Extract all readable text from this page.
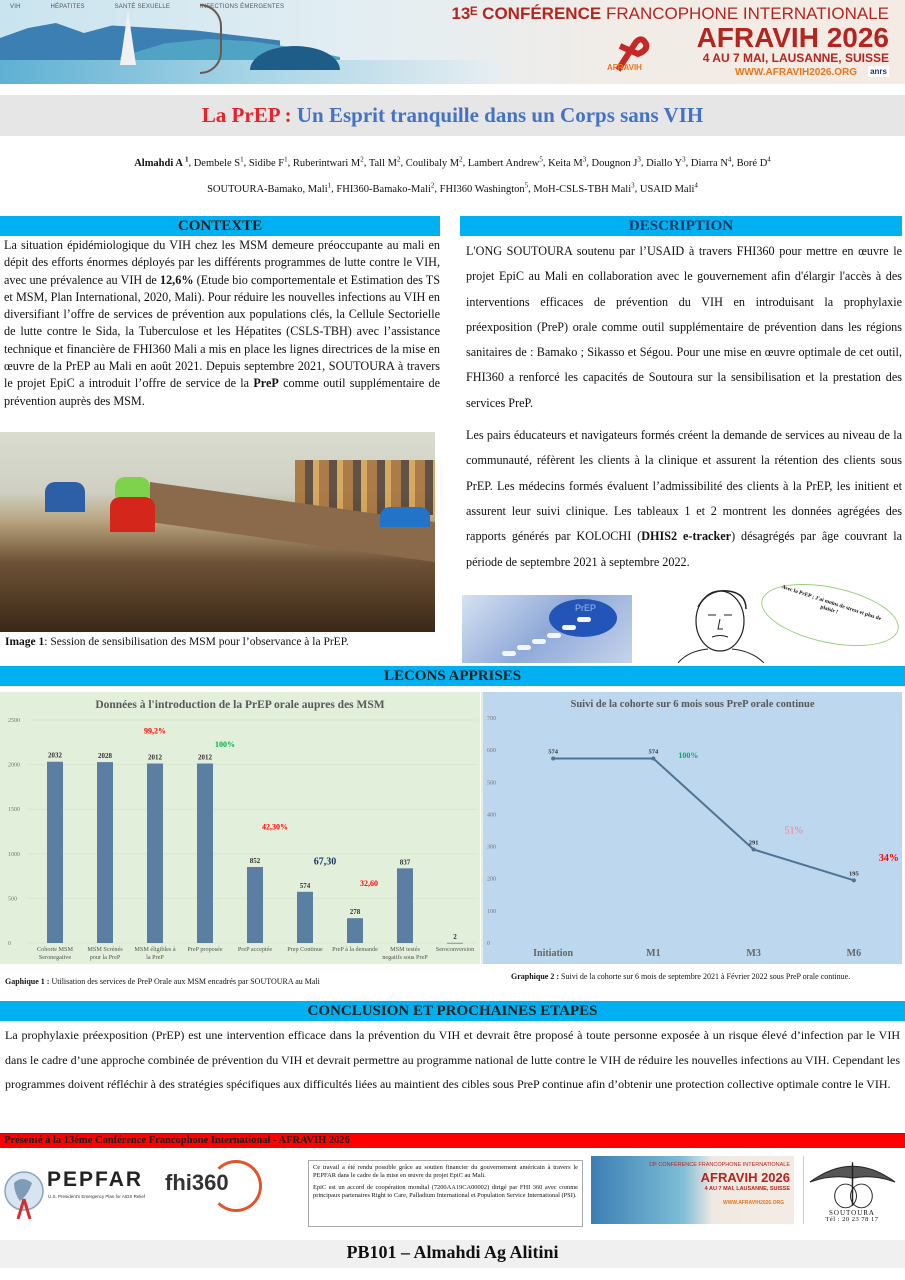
VIH	HÉPATITES	SANTÉ SEXUELLE	INFECTIONS ÉMERGENTES
AFRAVIH
13ᴱ CONFÉRENCE FRANCOPHONE INTERNATIONALE
AFRAVIH 2026
4 AU 7 MAI, LAUSANNE, SUISSE
WWW.AFRAVIH2026.ORG anrs
La PrEP : Un Esprit tranquille dans un Corps sans VIH
Almahdi A $^1$, Dembele $S^1$, Sidibe $F^1$, Ruberintwari $M^2$, Tall $M^2$, Coulibaly $M^2$, Lambert Andrew$^5$, Keita $M^3$, Dougnon $J^3$, Diallo $Y^3$, Diarra $N^4$, Boré $D^4$
SOUTOURA-Bamako, Mali$^1$, FHI360-Bamako-Mali$^2$, FHI360 Washington$^5$, MoH-CSLS-TBH Mali$^3$, USAID Mali$^4$
CONTEXTE
La situation épidémiologique du VIH chez les MSM demeure préoccupante au mali en dépit des efforts énormes déployés par les différents programmes de lutte contre le VIH, avec une prévalence au VIH de 12,6% (Etude bio comportementale et Estimation des TS et MSM, Plan International, 2020, Mali). Pour réduire les nouvelles infections au VIH en diversifiant l’offre de services de prévention aux populations clés, la Cellule Sectorielle de lutte contre le Sida, la Tuberculose et les Hépatites (CSLS-TBH) avec l’assistance technique et financière de FHI360 Mali a mis en place les lignes directrices de la mise en œuvre de la PrEP au Mali en août 2021. Depuis septembre 2021, SOUTOURA à travers le projet EpiC a introduit l’offre de service de la PreP comme outil supplémentaire de prévention auprès des MSM.
Image 1: Session de sensibilisation des MSM pour l’observance à la PrEP.
DESCRIPTION

L'ONG SOUTOURA soutenu par l’USAID à travers FHI360 pour mettre en œuvre le projet EpiC au Mali en collaboration avec le gouvernement afin d'élargir l'accès à des interventions efficaces de prévention du VIH en introduisant la prophylaxie préexposition (PreP) orale comme outil supplémentaire de prévention dans les régions sanitaires de : Bamako ; Sikasso et Ségou. Pour une mise en œuvre optimale de cet outil, FHI360 a renforcé les capacités de Soutoura sur la sensibilisation et la prestation des services PreP.

Les pairs éducateurs et navigateurs formés créent la demande de services au niveau de la communauté, réfèrent les clients à la clinique et assurent la rétention des clients sous PrEP. Les médecins formés évaluent l’admissibilité des clients à la PrEP, les initient et assurent leur suivi clinique. Les tableaux 1 et 2 montrent les données agrégées des rapports générés par KOLOCHI (DHIS2 e-tracker) désagrégés par âge couvrant la période de septembre 2021 à septembre 2022.

PrEP	Avec la PrEP ; J'ai moins de stress et plus de plaisir !
LECONS APPRISES
Données à l'introduction de la PrEP orale aupres des MSM
0
500
1000
1500
2000
2500
2032
Cohorte MSM
Seronegative
2028
MSM Scrénés
pour la PreP
2012
MSM éligibles à
la PreP
2012
PreP proposée
852
PreP acceptée
574
Prep Continue
278
PreP à la demande
837
MSM testés
negatifs sous PreP
2
Seroconversion
99,2%
100%
42,30%
67,30
32,60
Suivi de la cohorte sur 6 mois sous PreP orale continue
0
100
200
300
400
500
600
700
574
Initiation
574
M1
291
M3
195
M6
100%
51%
34%
Gaphique 1 : Utilisation des services de PreP Orale aux MSM encadrés par SOUTOURA au Mali
Graphique 2 : Suivi de la cohorte sur 6 mois de septembre 2021 à Février 2022 sous PreP orale continue.
CONCLUSION ET PROCHAINES ETAPES
La prophylaxie préexposition (PrEP) est une intervention efficace dans la prévention du VIH et devrait être proposé à toute personne exposée à un risque élevé d’infection par le VIH dans le cadre d’une approche combinée de prévention du VIH et devrait permettre au programme national de lutte contre le VIH de réduire les nouvelles infections au VIH. Cependant les programmes doivent réfléchir à des stratégies spécifiques aux difficultés liées au maintient des cibles sous PreP continue afin d’obtenir une protection collective optimale contre le VIH.
Présenté à la 13éme Conférence Francophone International - AFRAVIH 2026
PEPFAR
U.S. President's Emergency Plan for AIDS Relief
fhi360

Ce travail a été rendu possible grâce au soutien financier du gouvernement américain à travers le PEPFAR dans le cadre de la mise en œuvre du projet EpiC au Mali.

EpiC est un accord de coopération mondial (7200AA19CA00002) dirigé par FHI 360 avec comme principaux partenaires Right to Care, Palladium International et Population Service International (PSI).

13ᴱ CONFÉRENCE FRANCOPHONE INTERNATIONALE
AFRAVIH 2026
4 AU 7 MAI, LAUSANNE, SUISSE
WWW.AFRAVIH2026.ORG
SOUTOURA
Tél : 20 23 78 17
PB101 – Almahdi Ag Alitini
